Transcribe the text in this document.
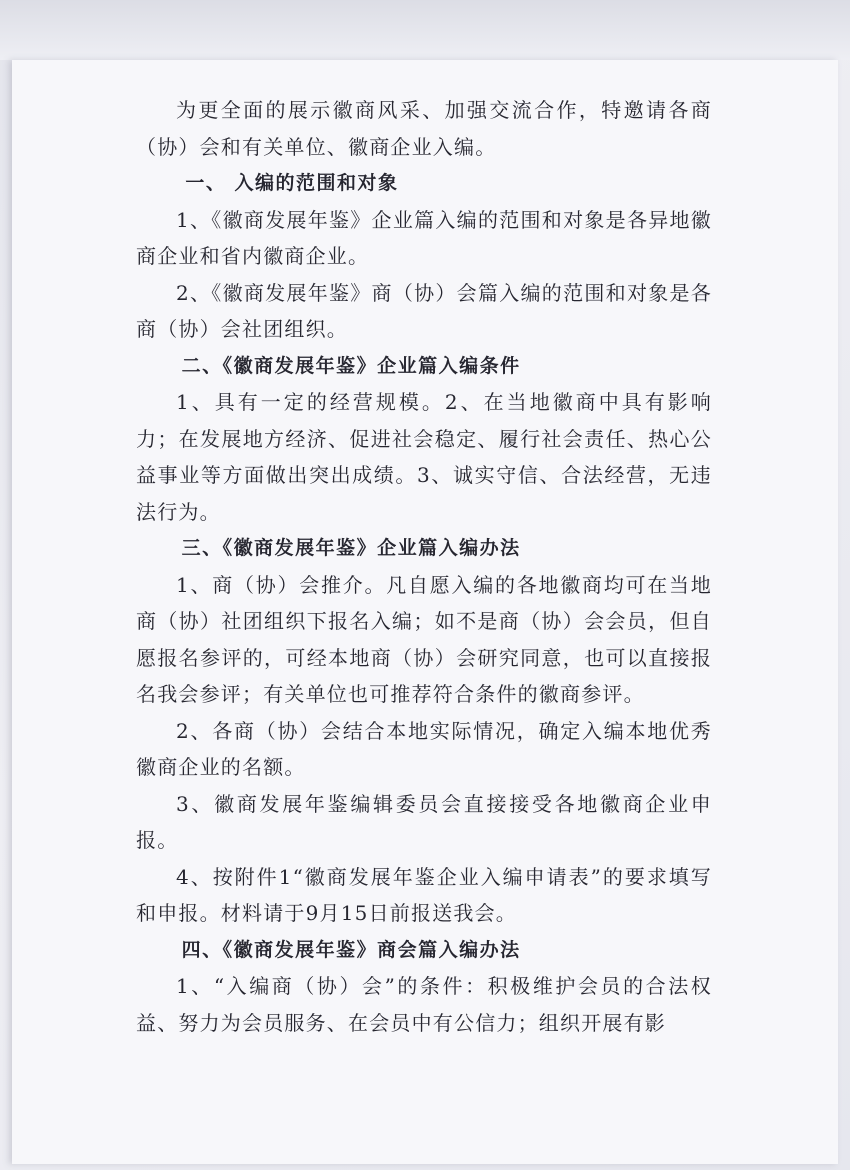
为更全面的展示徽商风采、加强交流合作，特邀请各商（协）会和有关单位、徽商企业入编。

一、 入编的范围和对象

1、《徽商发展年鉴》企业篇入编的范围和对象是各异地徽商企业和省内徽商企业。

2、《徽商发展年鉴》商（协）会篇入编的范围和对象是各商（协）会社团组织。

二、《徽商发展年鉴》企业篇入编条件

1、具有一定的经营规模。2、在当地徽商中具有影响力；在发展地方经济、促进社会稳定、履行社会责任、热心公益事业等方面做出突出成绩。3、诚实守信、合法经营，无违法行为。

三、《徽商发展年鉴》企业篇入编办法

1、商（协）会推介。凡自愿入编的各地徽商均可在当地商（协）社团组织下报名入编；如不是商（协）会会员，但自愿报名参评的，可经本地商（协）会研究同意，也可以直接报名我会参评；有关单位也可推荐符合条件的徽商参评。

2、各商（协）会结合本地实际情况，确定入编本地优秀徽商企业的名额。

3、徽商发展年鉴编辑委员会直接接受各地徽商企业申报。

4、按附件1“徽商发展年鉴企业入编申请表”的要求填写和申报。材料请于9月15日前报送我会。

四、《徽商发展年鉴》商会篇入编办法

1、“入编商（协）会”的条件：积极维护会员的合法权益、努力为会员服务、在会员中有公信力；组织开展有影
